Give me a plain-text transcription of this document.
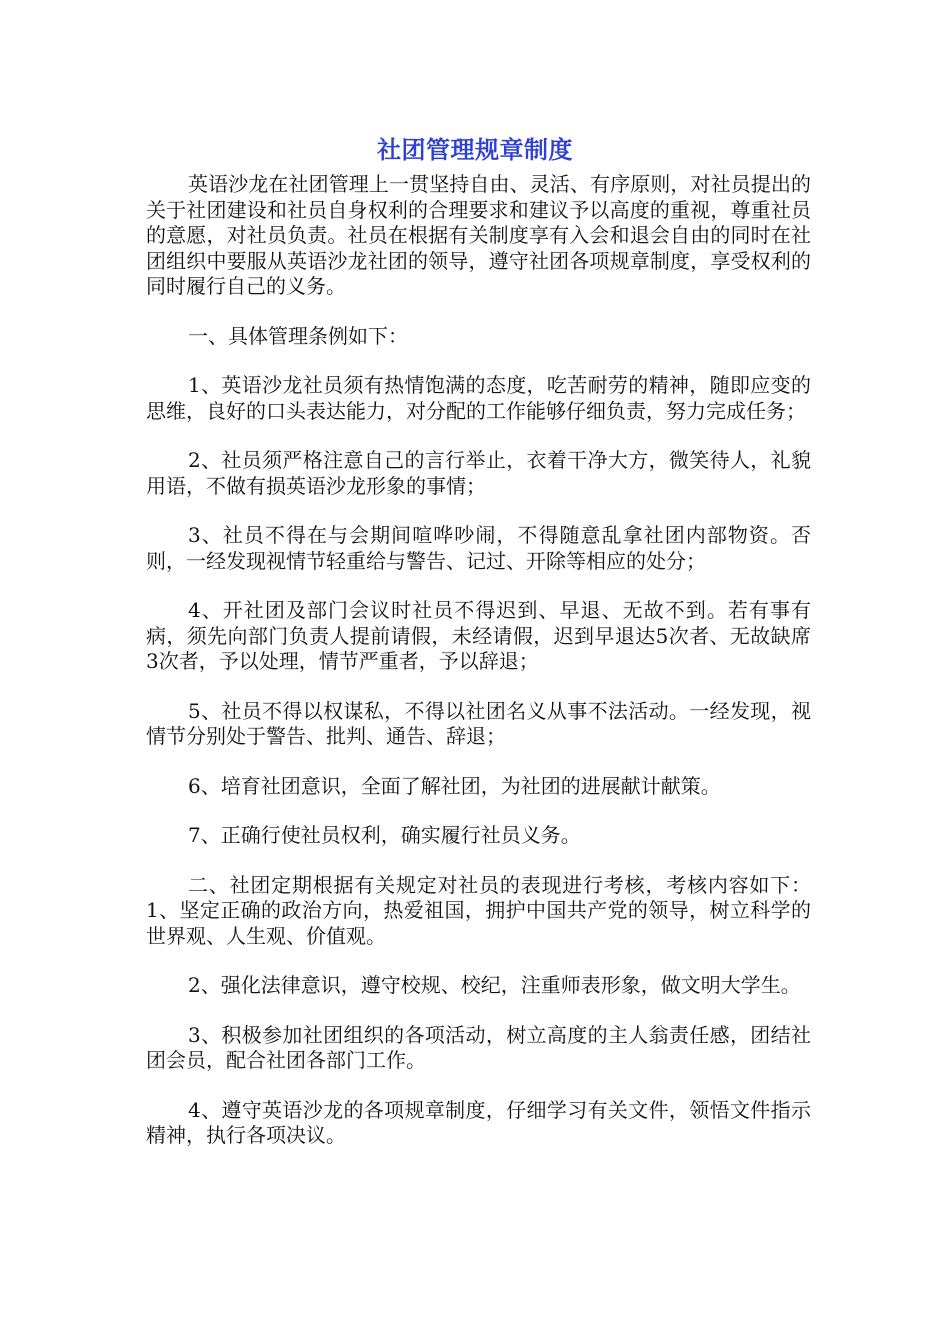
社团管理规章制度

英语沙龙在社团管理上一贯坚持自由、灵活、有序原则，对社员提出的关于社团建设和社员自身权利的合理要求和建议予以高度的重视，尊重社员的意愿，对社员负责。社员在根据有关制度享有入会和退会自由的同时在社团组织中要服从英语沙龙社团的领导，遵守社团各项规章制度，享受权利的同时履行自己的义务。

一、具体管理条例如下：

1、英语沙龙社员须有热情饱满的态度，吃苦耐劳的精神，随即应变的思维，良好的口头表达能力，对分配的工作能够仔细负责，努力完成任务；

2、社员须严格注意自己的言行举止，衣着干净大方，微笑待人，礼貌用语，不做有损英语沙龙形象的事情；

3、社员不得在与会期间喧哗吵闹，不得随意乱拿社团内部物资。否则，一经发现视情节轻重给与警告、记过、开除等相应的处分；

4、开社团及部门会议时社员不得迟到、早退、无故不到。若有事有病，须先向部门负责人提前请假，未经请假，迟到早退达5次者、无故缺席3次者，予以处理，情节严重者，予以辞退；

5、社员不得以权谋私，不得以社团名义从事不法活动。一经发现，视情节分别处于警告、批判、通告、辞退；

6、培育社团意识，全面了解社团，为社团的进展献计献策。

7、正确行使社员权利，确实履行社员义务。

二、社团定期根据有关规定对社员的表现进行考核，考核内容如下：1、坚定正确的政治方向，热爱祖国，拥护中国共产党的领导，树立科学的世界观、人生观、价值观。

2、强化法律意识，遵守校规、校纪，注重师表形象，做文明大学生。

3、积极参加社团组织的各项活动，树立高度的主人翁责任感，团结社团会员，配合社团各部门工作。

4、遵守英语沙龙的各项规章制度，仔细学习有关文件，领悟文件指示精神，执行各项决议。
